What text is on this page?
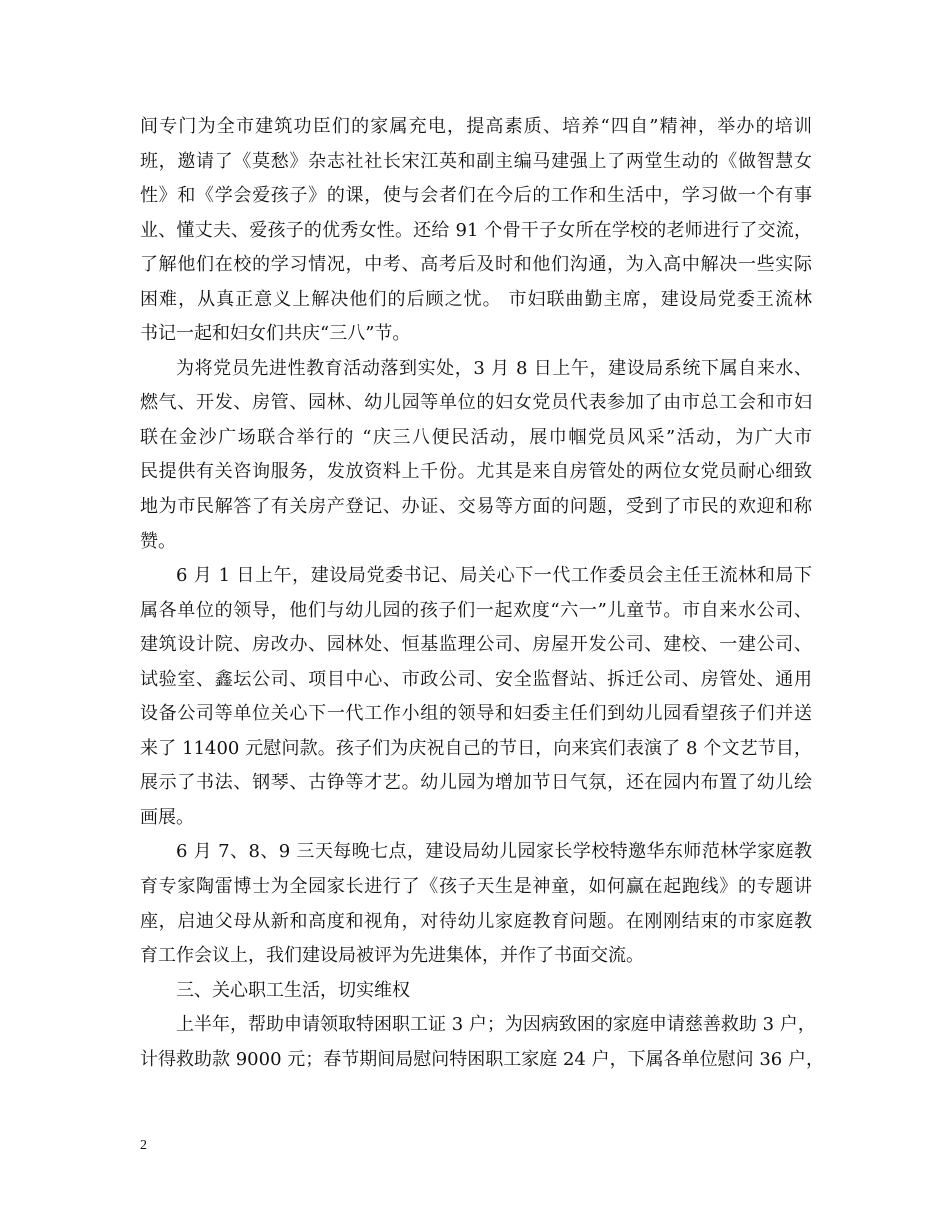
间专门为全市建筑功臣们的家属充电，提高素质、培养“四自”精神，举办的培训
班，邀请了《莫愁》杂志社社长宋江英和副主编马建强上了两堂生动的《做智慧女
性》和《学会爱孩子》的课，使与会者们在今后的工作和生活中，学习做一个有事
业、懂丈夫、爱孩子的优秀女性。还给 91 个骨干子女所在学校的老师进行了交流，
了解他们在校的学习情况，中考、高考后及时和他们沟通，为入高中解决一些实际
困难，从真正意义上解决他们的后顾之忧。 市妇联曲勤主席，建设局党委王流林
书记一起和妇女们共庆“三八”节。
为将党员先进性教育活动落到实处，3 月 8 日上午，建设局系统下属自来水、
燃气、开发、房管、园林、幼儿园等单位的妇女党员代表参加了由市总工会和市妇
联在金沙广场联合举行的 “庆三八便民活动，展巾帼党员风采”活动，为广大市
民提供有关咨询服务，发放资料上千份。尤其是来自房管处的两位女党员耐心细致
地为市民解答了有关房产登记、办证、交易等方面的问题，受到了市民的欢迎和称
赞。
6 月 1 日上午，建设局党委书记、局关心下一代工作委员会主任王流林和局下
属各单位的领导，他们与幼儿园的孩子们一起欢度“六一”儿童节。市自来水公司、
建筑设计院、房改办、园林处、恒基监理公司、房屋开发公司、建校、一建公司、
试验室、鑫坛公司、项目中心、市政公司、安全监督站、拆迁公司、房管处、通用
设备公司等单位关心下一代工作小组的领导和妇委主任们到幼儿园看望孩子们并送
来了 11400 元慰问款。孩子们为庆祝自己的节日，向来宾们表演了 8 个文艺节目，
展示了书法、钢琴、古铮等才艺。幼儿园为增加节日气氛，还在园内布置了幼儿绘
画展。
6 月 7、8、9 三天每晚七点，建设局幼儿园家长学校特邀华东师范林学家庭教
育专家陶雷博士为全园家长进行了《孩子天生是神童，如何赢在起跑线》的专题讲
座，启迪父母从新和高度和视角，对待幼儿家庭教育问题。在刚刚结束的市家庭教
育工作会议上，我们建设局被评为先进集体，并作了书面交流。
三、关心职工生活，切实维权
上半年，帮助申请领取特困职工证 3 户；为因病致困的家庭申请慈善救助 3 户，
计得救助款 9000 元；春节期间局慰问特困职工家庭 24 户，下属各单位慰问 36 户，
2
